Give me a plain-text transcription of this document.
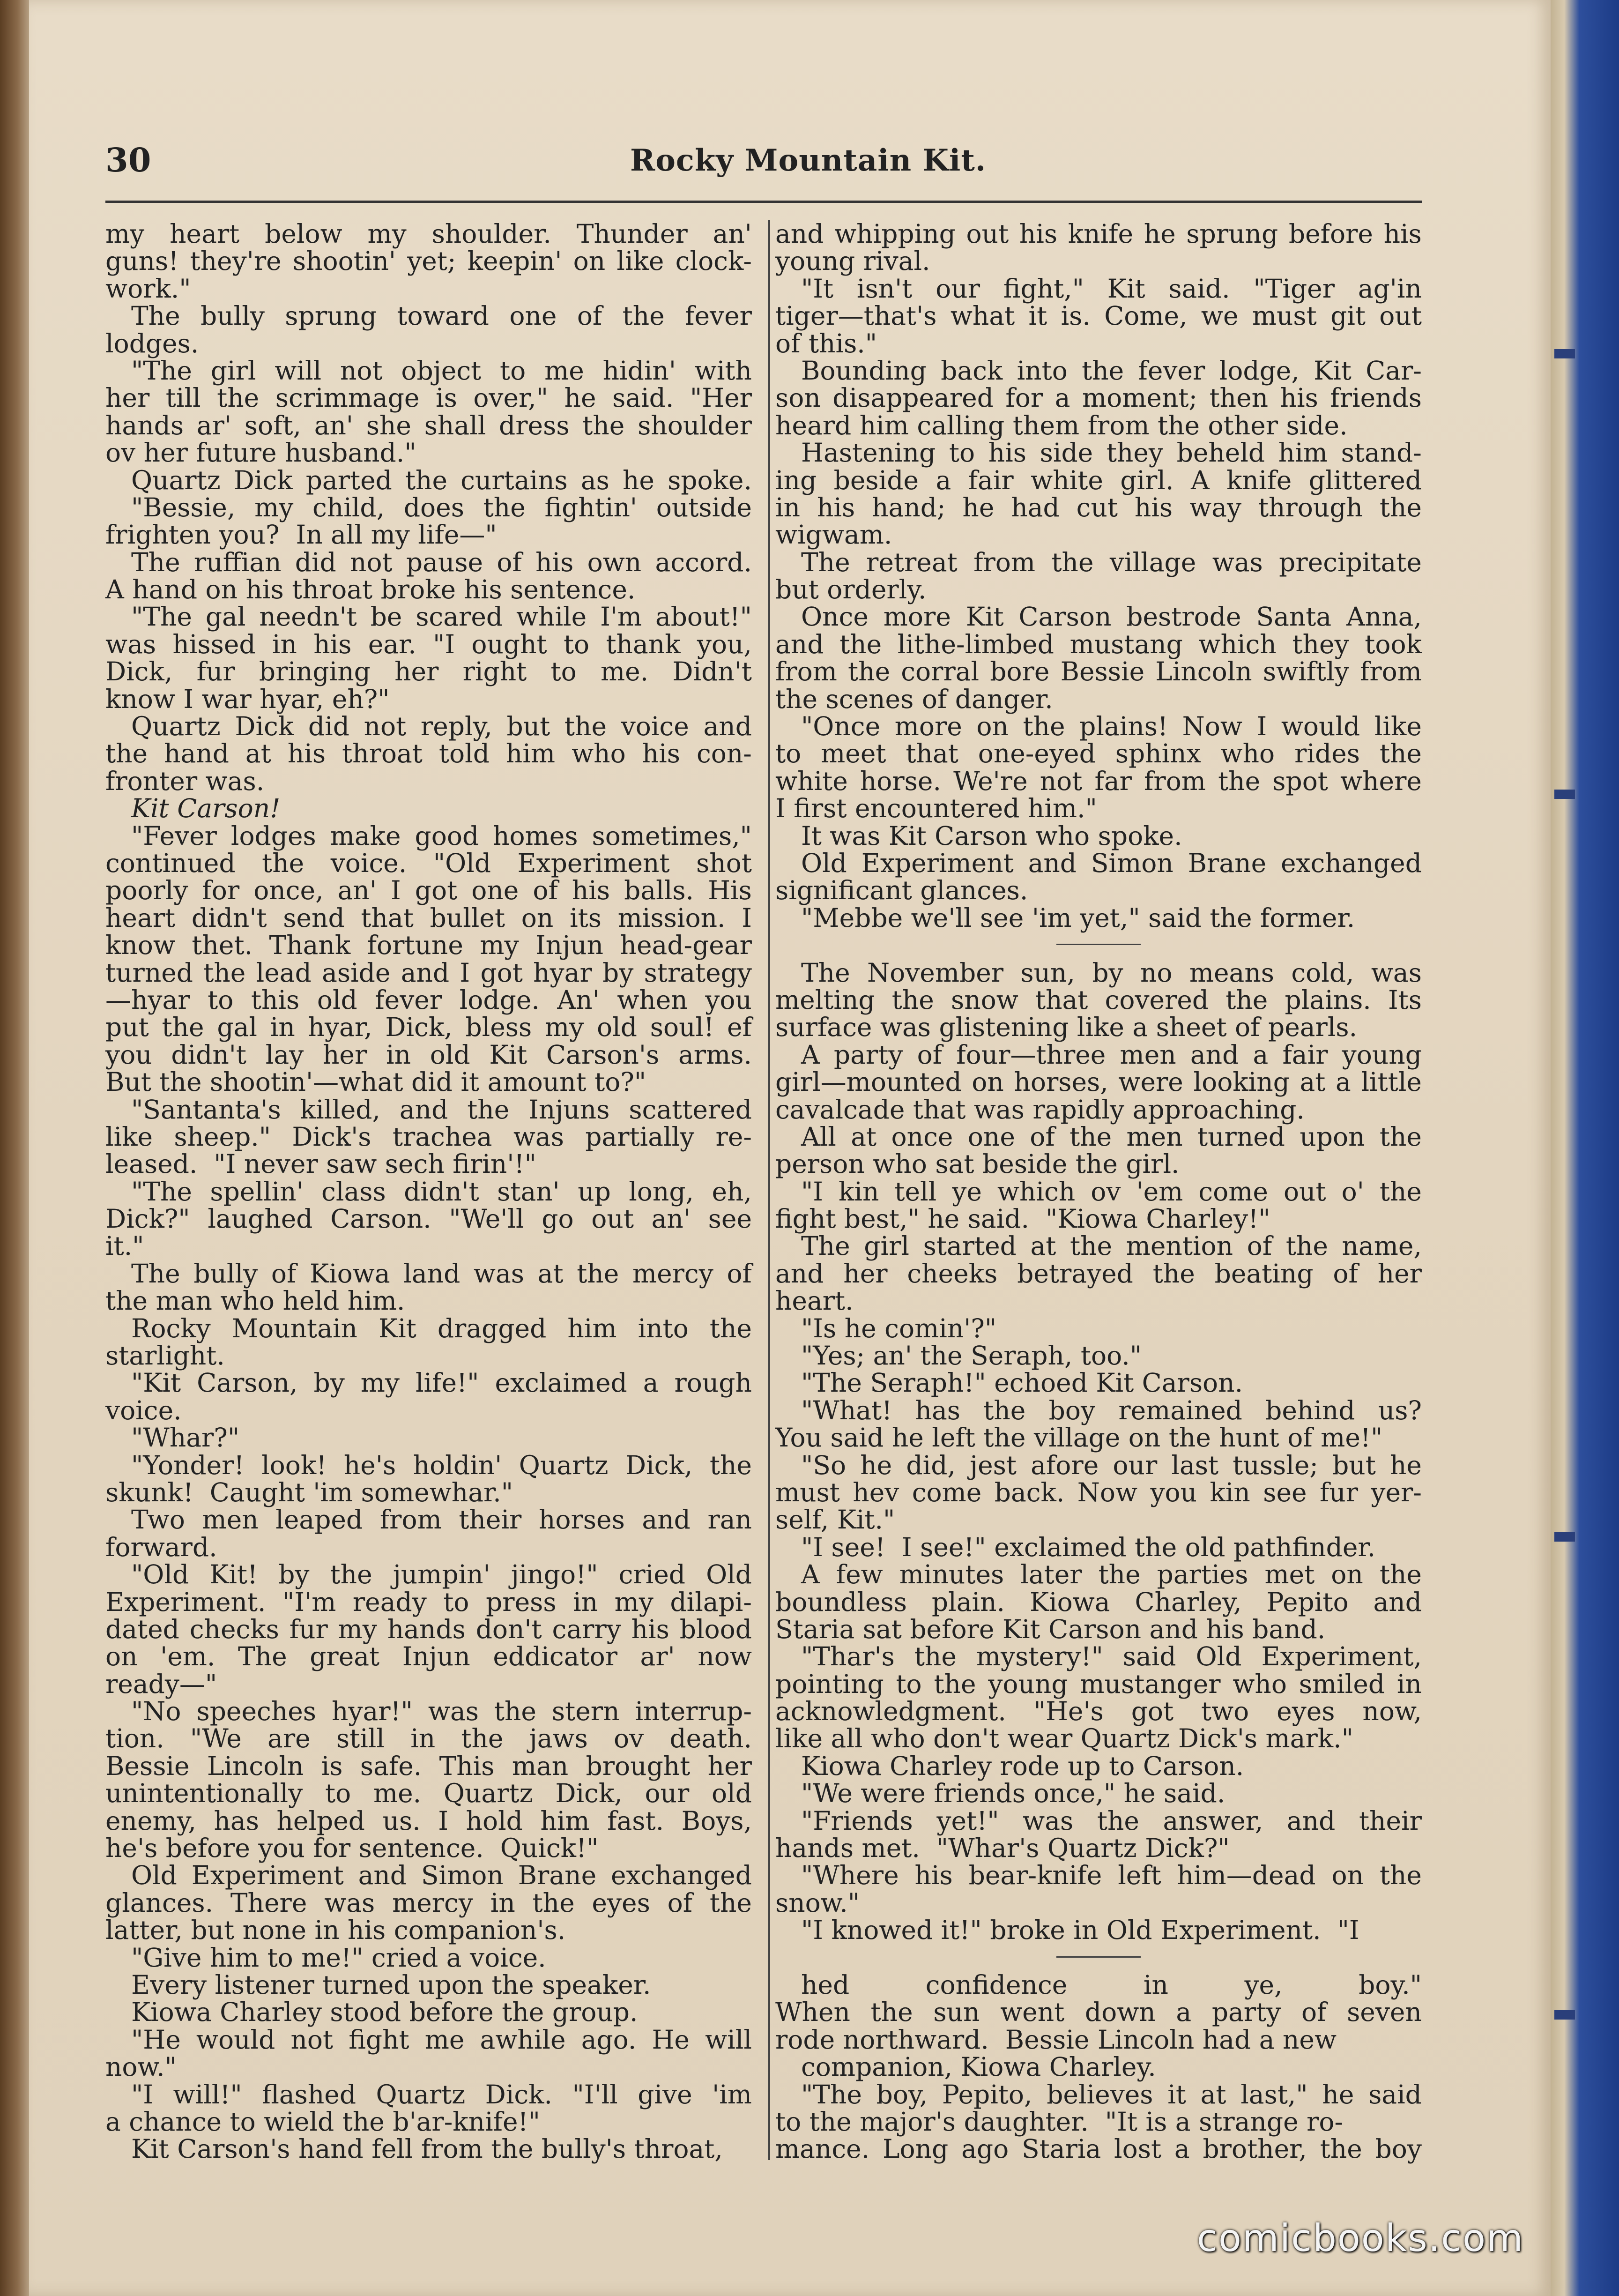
30	Rocky Mountain Kit.
my heart below my shoulder. Thunder an'
guns! they're shootin' yet; keepin' on like clock-
work."
The bully sprung toward one of the fever
lodges.
"The girl will not object to me hidin' with
her till the scrimmage is over," he said. "Her
hands ar' soft, an' she shall dress the shoulder
ov her future husband."
Quartz Dick parted the curtains as he spoke.
"Bessie, my child, does the fightin' outside
frighten you?  In all my life—"
The ruffian did not pause of his own accord.
A hand on his throat broke his sentence.
"The gal needn't be scared while I'm about!"
was hissed in his ear. "I ought to thank you,
Dick, fur bringing her right to me. Didn't
know I war hyar, eh?"
Quartz Dick did not reply, but the voice and
the hand at his throat told him who his con-
fronter was.
Kit Carson!
"Fever lodges make good homes sometimes,"
continued the voice. "Old Experiment shot
poorly for once, an' I got one of his balls. His
heart didn't send that bullet on its mission. I
know thet. Thank fortune my Injun head-gear
turned the lead aside and I got hyar by strategy
—hyar to this old fever lodge. An' when you
put the gal in hyar, Dick, bless my old soul! ef
you didn't lay her in old Kit Carson's arms.
But the shootin'—what did it amount to?"
"Santanta's killed, and the Injuns scattered
like sheep." Dick's trachea was partially re-
leased.  "I never saw sech firin'!"
"The spellin' class didn't stan' up long, eh,
Dick?" laughed Carson. "We'll go out an' see
it."
The bully of Kiowa land was at the mercy of
the man who held him.
Rocky Mountain Kit dragged him into the
starlight.
"Kit Carson, by my life!" exclaimed a rough
voice.
"Whar?"
"Yonder! look! he's holdin' Quartz Dick, the
skunk!  Caught 'im somewhar."
Two men leaped from their horses and ran
forward.
"Old Kit! by the jumpin' jingo!" cried Old
Experiment. "I'm ready to press in my dilapi-
dated checks fur my hands don't carry his blood
on 'em. The great Injun eddicator ar' now
ready—"
"No speeches hyar!" was the stern interrup-
tion. "We are still in the jaws ov death.
Bessie Lincoln is safe. This man brought her
unintentionally to me. Quartz Dick, our old
enemy, has helped us. I hold him fast. Boys,
he's before you for sentence.  Quick!"
Old Experiment and Simon Brane exchanged
glances. There was mercy in the eyes of the
latter, but none in his companion's.
"Give him to me!" cried a voice.
Every listener turned upon the speaker.
Kiowa Charley stood before the group.
"He would not fight me awhile ago. He will
now."
"I will!" flashed Quartz Dick. "I'll give 'im
a chance to wield the b'ar-knife!"
Kit Carson's hand fell from the bully's throat,
and whipping out his knife he sprung before his
young rival.
"It isn't our fight," Kit said. "Tiger ag'in
tiger—that's what it is. Come, we must git out
of this."
Bounding back into the fever lodge, Kit Car-
son disappeared for a moment; then his friends
heard him calling them from the other side.
Hastening to his side they beheld him stand-
ing beside a fair white girl. A knife glittered
in his hand; he had cut his way through the
wigwam.
The retreat from the village was precipitate
but orderly.
Once more Kit Carson bestrode Santa Anna,
and the lithe-limbed mustang which they took
from the corral bore Bessie Lincoln swiftly from
the scenes of danger.
"Once more on the plains! Now I would like
to meet that one-eyed sphinx who rides the
white horse. We're not far from the spot where
I first encountered him."
It was Kit Carson who spoke.
Old Experiment and Simon Brane exchanged
significant glances.
"Mebbe we'll see 'im yet," said the former.
The November sun, by no means cold, was
melting the snow that covered the plains. Its
surface was glistening like a sheet of pearls.
A party of four—three men and a fair young
girl—mounted on horses, were looking at a little
cavalcade that was rapidly approaching.
All at once one of the men turned upon the
person who sat beside the girl.
"I kin tell ye which ov 'em come out o' the
fight best," he said.  "Kiowa Charley!"
The girl started at the mention of the name,
and her cheeks betrayed the beating of her
heart.
"Is he comin'?"
"Yes; an' the Seraph, too."
"The Seraph!" echoed Kit Carson.
"What! has the boy remained behind us?
You said he left the village on the hunt of me!"
"So he did, jest afore our last tussle; but he
must hev come back. Now you kin see fur yer-
self, Kit."
"I see!  I see!" exclaimed the old pathfinder.
A few minutes later the parties met on the
boundless plain. Kiowa Charley, Pepito and
Staria sat before Kit Carson and his band.
"Thar's the mystery!" said Old Experiment,
pointing to the young mustanger who smiled in
acknowledgment. "He's got two eyes now,
like all who don't wear Quartz Dick's mark."
Kiowa Charley rode up to Carson.
"We were friends once," he said.
"Friends yet!" was the answer, and their
hands met.  "Whar's Quartz Dick?"
"Where his bear-knife left him—dead on the
snow."
"I knowed it!" broke in Old Experiment.  "I
hed	confidence	in	ye,	boy."
When the sun went down a party of seven
rode northward.  Bessie Lincoln had a new
companion, Kiowa Charley.
"The boy, Pepito, believes it at last," he said
to the major's daughter.  "It is a strange ro-
mance. Long ago Staria lost a brother, the boy
comicbooks.com
